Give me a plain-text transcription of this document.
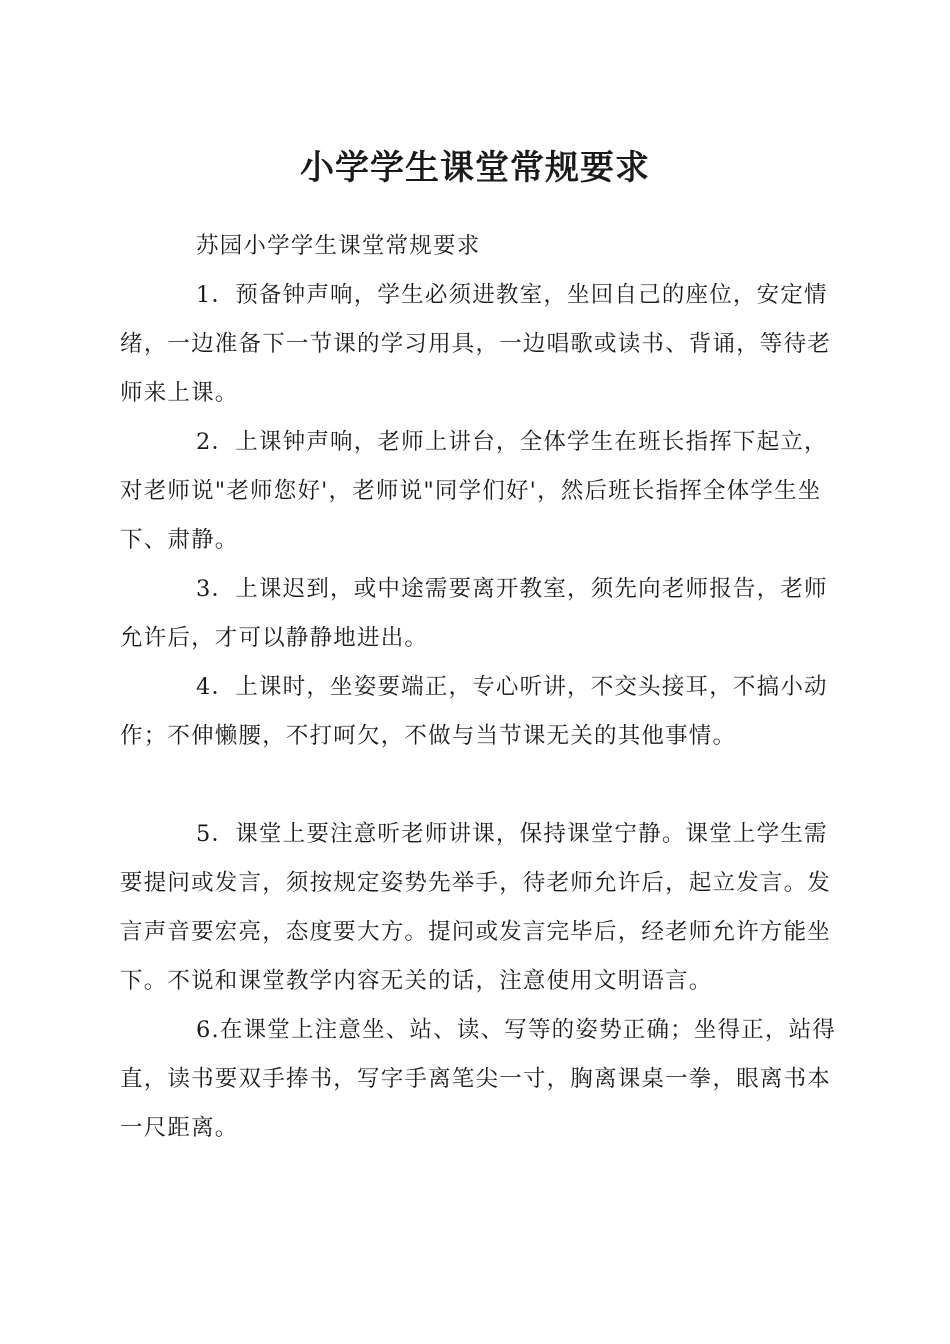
小学学生课堂常规要求

苏园小学学生课堂常规要求

1．预备钟声响，学生必须进教室，坐回自己的座位，安定情绪，一边准备下一节课的学习用具，一边唱歌或读书、背诵，等待老师来上课。

2．上课钟声响，老师上讲台，全体学生在班长指挥下起立，对老师说"老师您好'，老师说"同学们好'，然后班长指挥全体学生坐下、肃静。

3．上课迟到，或中途需要离开教室，须先向老师报告，老师允许后，才可以静静地进出。

4．上课时，坐姿要端正，专心听讲，不交头接耳，不搞小动作；不伸懒腰，不打呵欠，不做与当节课无关的其他事情。

5．课堂上要注意听老师讲课，保持课堂宁静。课堂上学生需要提问或发言，须按规定姿势先举手，待老师允许后，起立发言。发言声音要宏亮，态度要大方。提问或发言完毕后，经老师允许方能坐下。不说和课堂教学内容无关的话，注意使用文明语言。

6.在课堂上注意坐、站、读、写等的姿势正确；坐得正，站得直，读书要双手捧书，写字手离笔尖一寸，胸离课桌一拳，眼离书本一尺距离。
